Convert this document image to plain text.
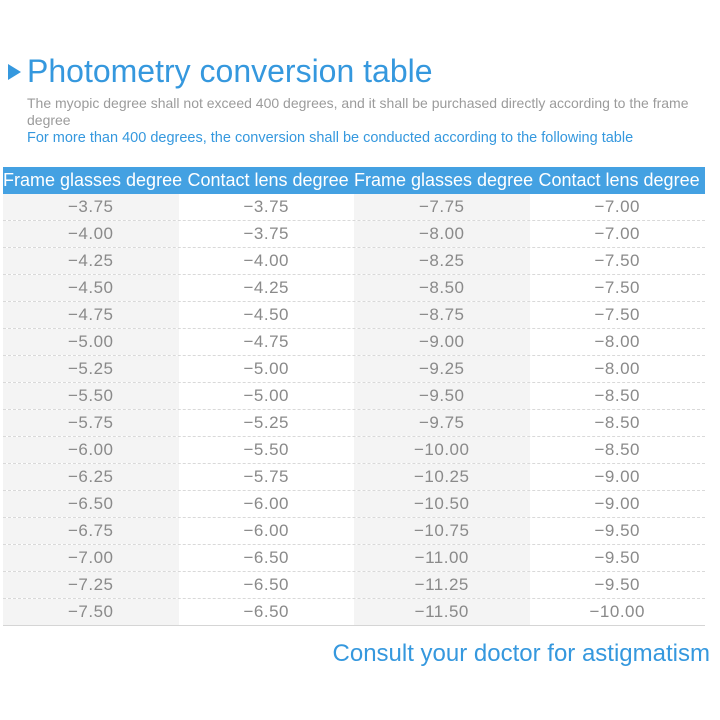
Photometry conversion table

The myopic degree shall not exceed 400 degrees, and it shall be purchased directly according to the frame degree

For more than 400 degrees, the conversion shall be conducted according to the following table

Frame glasses degree Contact lens degree Frame glasses degree Contact lens degree
−3.75	−3.75	−7.75	−7.00
−4.00	−3.75	−8.00	−7.00
−4.25	−4.00	−8.25	−7.50
−4.50	−4.25	−8.50	−7.50
−4.75	−4.50	−8.75	−7.50
−5.00	−4.75	−9.00	−8.00
−5.25	−5.00	−9.25	−8.00
−5.50	−5.00	−9.50	−8.50
−5.75	−5.25	−9.75	−8.50
−6.00	−5.50	−10.00	−8.50
−6.25	−5.75	−10.25	−9.00
−6.50	−6.00	−10.50	−9.00
−6.75	−6.00	−10.75	−9.50
−7.00	−6.50	−11.00	−9.50
−7.25	−6.50	−11.25	−9.50
−7.50	−6.50	−11.50	−10.00
Consult your doctor for astigmatism
